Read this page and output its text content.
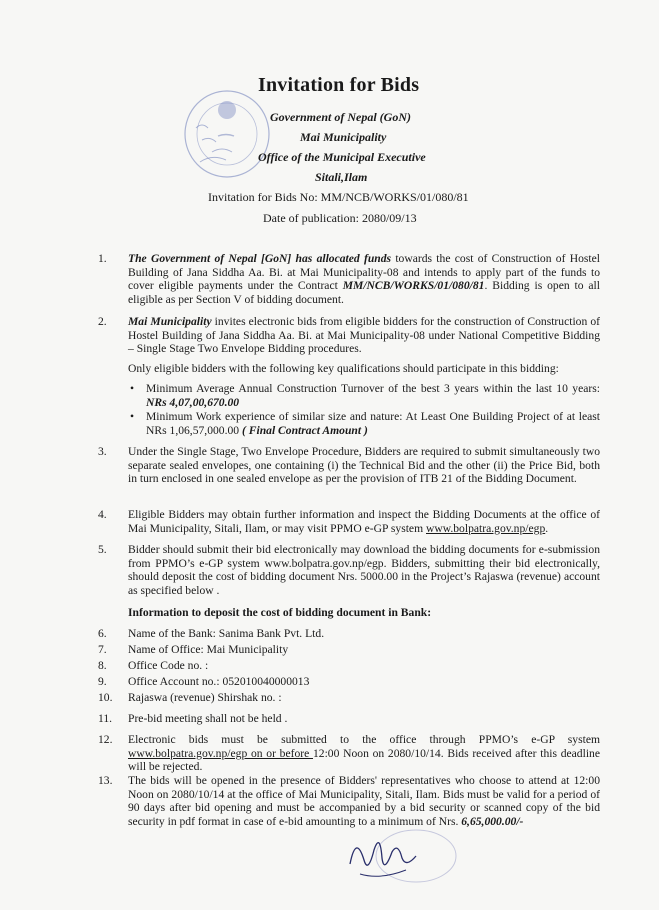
Invitation for Bids
Government of Nepal (GoN)
Mai Municipality
Office of the Municipal Executive
Sitali,Ilam
Invitation for Bids No: MM/NCB/WORKS/01/080/81
Date of publication: 2080/09/13
1.	The Government of Nepal [GoN] has allocated funds towards the cost of Construction of Hostel Building of Jana Siddha Aa. Bi. at Mai Municipality-08 and intends to apply part of the funds to cover eligible payments under the Contract MM/NCB/WORKS/01/080/81. Bidding is open to all eligible as per Section V of bidding document.
2.	Mai Municipality invites electronic bids from eligible bidders for the construction of Construction of Hostel Building of Jana Siddha Aa. Bi. at Mai Municipality-08 under National Competitive Bidding – Single Stage Two Envelope Bidding procedures.
Only eligible bidders with the following key qualifications should participate in this bidding:
• Minimum Average Annual Construction Turnover of the best 3 years within the last 10 years: NRs 4,07,00,670.00
• Minimum Work experience of similar size and nature: At Least One Building Project of at least NRs 1,06,57,000.00 ( Final Contract Amount )
3.	Under the Single Stage, Two Envelope Procedure, Bidders are required to submit simultaneously two separate sealed envelopes, one containing (i) the Technical Bid and the other (ii) the Price Bid, both in turn enclosed in one sealed envelope as per the provision of ITB 21 of the Bidding Document.
4.	Eligible Bidders may obtain further information and inspect the Bidding Documents at the office of Mai Municipality, Sitali, Ilam, or may visit PPMO e-GP system www.bolpatra.gov.np/egp.
5.	Bidder should submit their bid electronically may download the bidding documents for e-submission from PPMO’s e-GP system www.bolpatra.gov.np/egp. Bidders, submitting their bid electronically, should deposit the cost of bidding document Nrs. 5000.00 in the Project’s Rajaswa (revenue) account as specified below .
Information to deposit the cost of bidding document in Bank:
6.	Name of the Bank: Sanima Bank Pvt. Ltd.
7.	Name of Office: Mai Municipality
8.	Office Code no. :
9.	Office Account no.: 052010040000013
10.	Rajaswa (revenue) Shirshak no. :
11.	Pre-bid meeting shall not be held .
12.	Electronic bids must be submitted to the office through PPMO’s e-GP system www.bolpatra.gov.np/egp on or before 12:00 Noon on 2080/10/14. Bids received after this deadline will be rejected.
13.	The bids will be opened in the presence of Bidders' representatives who choose to attend at 12:00 Noon on 2080/10/14 at the office of Mai Municipality, Sitali, Ilam. Bids must be valid for a period of 90 days after bid opening and must be accompanied by a bid security or scanned copy of the bid security in pdf format in case of e-bid amounting to a minimum of Nrs. 6,65,000.00/-
